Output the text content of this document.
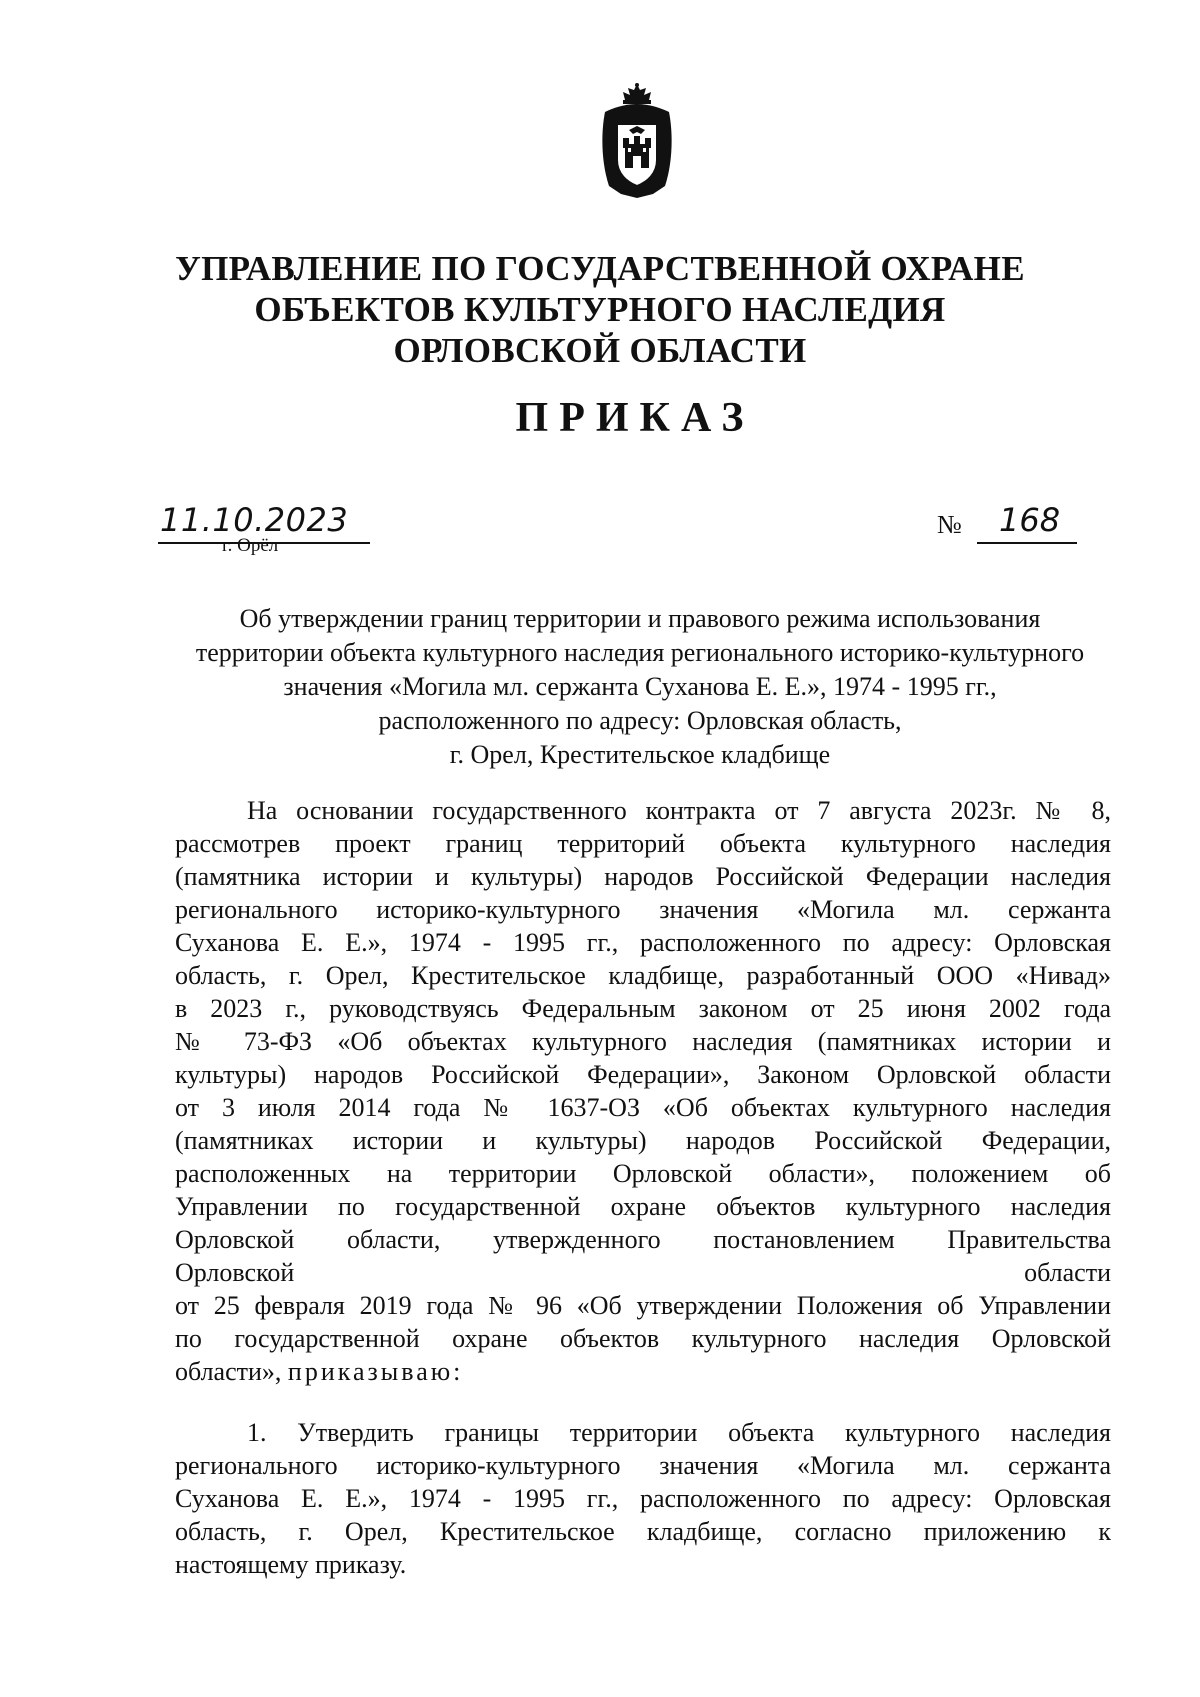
УПРАВЛЕНИЕ ПО ГОСУДАРСТВЕННОЙ ОХРАНЕ
ОБЪЕКТОВ КУЛЬТУРНОГО НАСЛЕДИЯ
ОРЛОВСКОЙ ОБЛАСТИ
ПРИКАЗ
11.10.2023
г. Орёл
№ 168
Об утверждении границ территории и правового режима использования
территории объекта культурного наследия регионального историко-культурного
значения «Могила мл. сержанта Суханова Е. Е.», 1974 - 1995 гг.,
расположенного по адресу: Орловская область,
г. Орел, Крестительское кладбище
На основании государственного контракта от 7 августа 2023г. № 8,
рассмотрев проект границ территорий объекта культурного наследия
(памятника истории и культуры) народов Российской Федерации наследия
регионального историко-культурного значения «Могила мл. сержанта
Суханова Е. Е.», 1974 - 1995 гг., расположенного по адресу: Орловская
область, г. Орел, Крестительское кладбище, разработанный ООО «Нивад»
в 2023 г., руководствуясь Федеральным законом от 25 июня 2002 года
№ 73-ФЗ «Об объектах культурного наследия (памятниках истории и
культуры) народов Российской Федерации», Законом Орловской области
от 3 июля 2014 года № 1637-ОЗ «Об объектах культурного наследия
(памятниках истории и культуры) народов Российской Федерации,
расположенных на территории Орловской области», положением об
Управлении по государственной охране объектов культурного наследия
Орловской области, утвержденного постановлением Правительства
Орловской области
от 25 февраля 2019 года № 96 «Об утверждении Положения об Управлении
по государственной охране объектов культурного наследия Орловской
области», приказываю:
1. Утвердить границы территории объекта культурного наследия
регионального историко-культурного значения «Могила мл. сержанта
Суханова Е. Е.», 1974 - 1995 гг., расположенного по адресу: Орловская
область, г. Орел, Крестительское кладбище, согласно приложению к
настоящему приказу.
